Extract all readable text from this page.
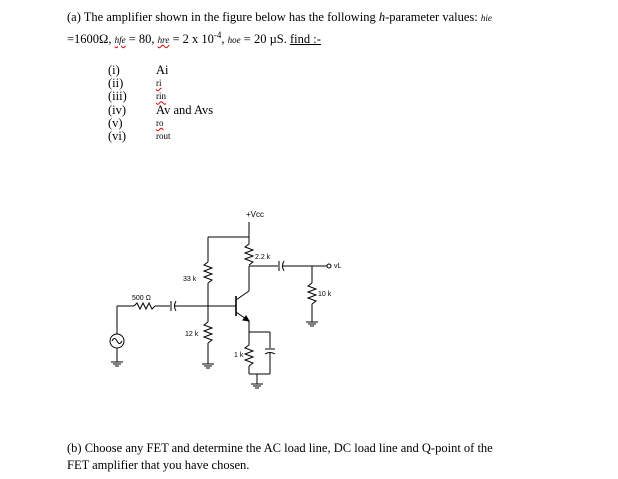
(a) The amplifier shown in the figure below has the following h-parameter values: hie
=1600Ω, hfe = 80, hre = 2 x $10^{-4}$, hoe = 20 µS. find :-
(i)	Ai
(ii)	ri
(iii)	rin
(iv)	Av and Avs
(v)	ro
(vi)	rout
+Vcc
2.2 k
33 k
500 Ω
12 k
1 k
10 k
vL
(b) Choose any FET and determine the AC load line, DC load line and Q-point of the
FET amplifier that you have chosen.
